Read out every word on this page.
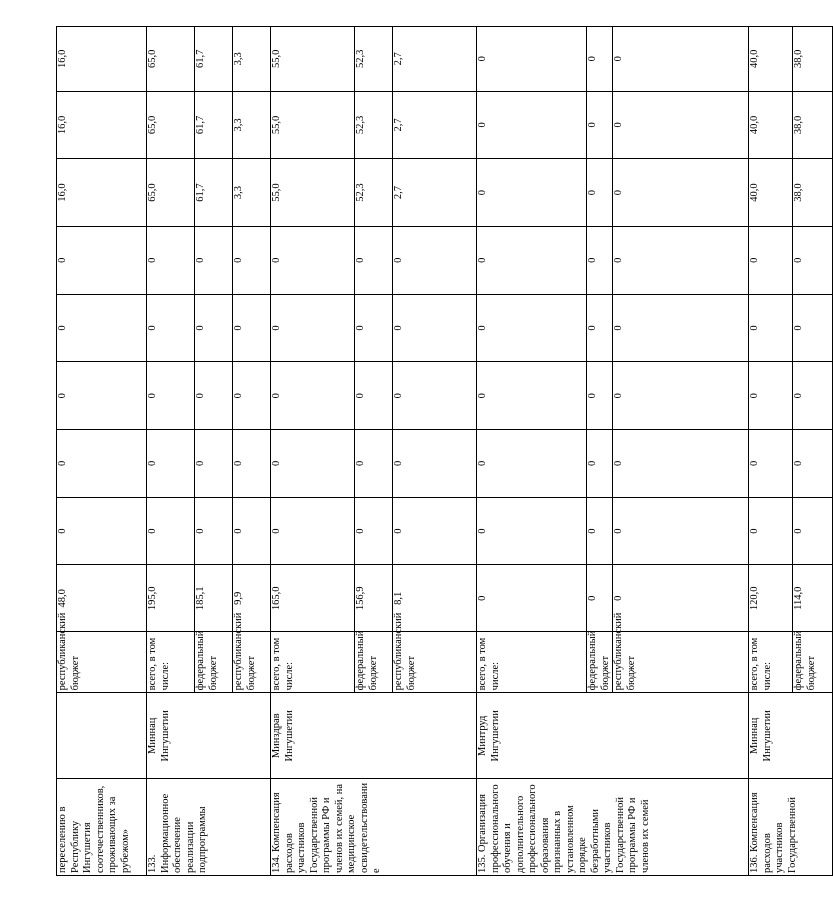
переселению в Республику Ингушетия соотечественников, проживающих за рубежом»		республиканский бюджет	48,0	0	0	0	0	0	16,0	16,0	16,0
133. Информационное обеспечение реализации подпрограммы	Миннац Ингушетии	всего, в том числе:	195,0	0	0	0	0	0	65,0	65,0	65,0
		федеральный бюджет	185,1	0	0	0	0	0	61,7	61,7	61,7
		республиканский бюджет	9,9	0	0	0	0	0	3,3	3,3	3,3
134. Компенсация расходов участников Государственной программы РФ и членов их семей, на медицинское освидетельствовани е	Минздрав Ингушетии	всего, в том числе:	165,0	0	0	0	0	0	55,0	55,0	55,0
		федеральный бюджет	156,9	0	0	0	0	0	52,3	52,3	52,3
		республиканский бюджет	8,1	0	0	0	0	0	2,7	2,7	2,7
135. Организация профессионального обучения и дополнительного профессионального образования признанных в установленном порядке безработными участников Государственной программы РФ и членов их семей	Минтруд Ингушетии	всего, в том числе:	0	0	0	0	0	0	0	0	0
		федеральный бюджет	0	0	0	0	0	0	0	0	0
		республиканский бюджет	0	0	0	0	0	0	0	0	0
136. Компенсация расходов участников Государственной	Миннац Ингушетии	всего, в том числе:	120,0	0	0	0	0	0	40,0	40,0	40,0
		федеральный бюджет	114,0	0	0	0	0	0	38,0	38,0	38,0
